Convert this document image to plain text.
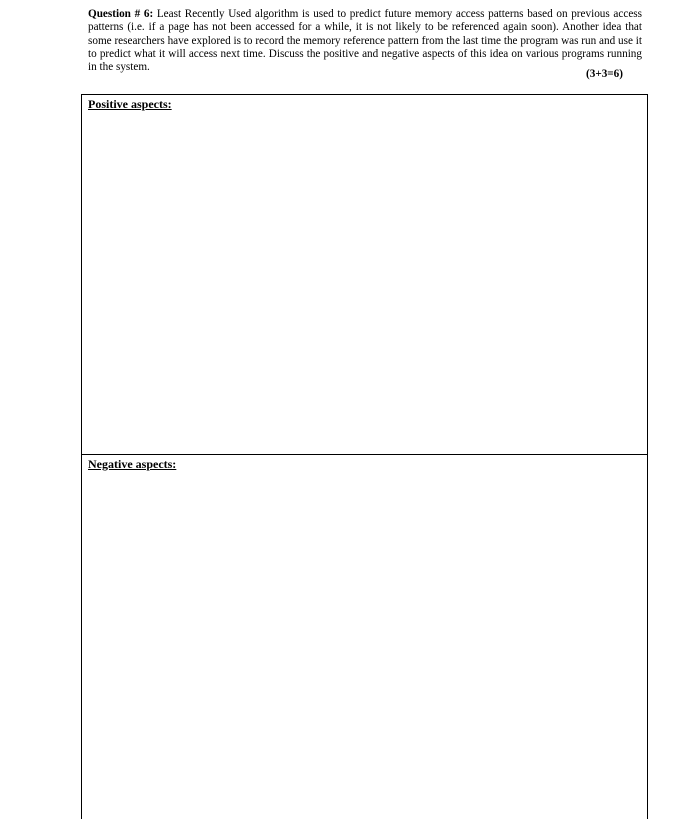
Question # 6: Least Recently Used algorithm is used to predict future memory access patterns based on previous access patterns (i.e. if a page has not been accessed for a while, it is not likely to be referenced again soon). Another idea that some researchers have explored is to record the memory reference pattern from the last time the program was run and use it to predict what it will access next time. Discuss the positive and negative aspects of this idea on various programs running in the system.

(3+3=6)

Positive aspects:

Negative aspects:
